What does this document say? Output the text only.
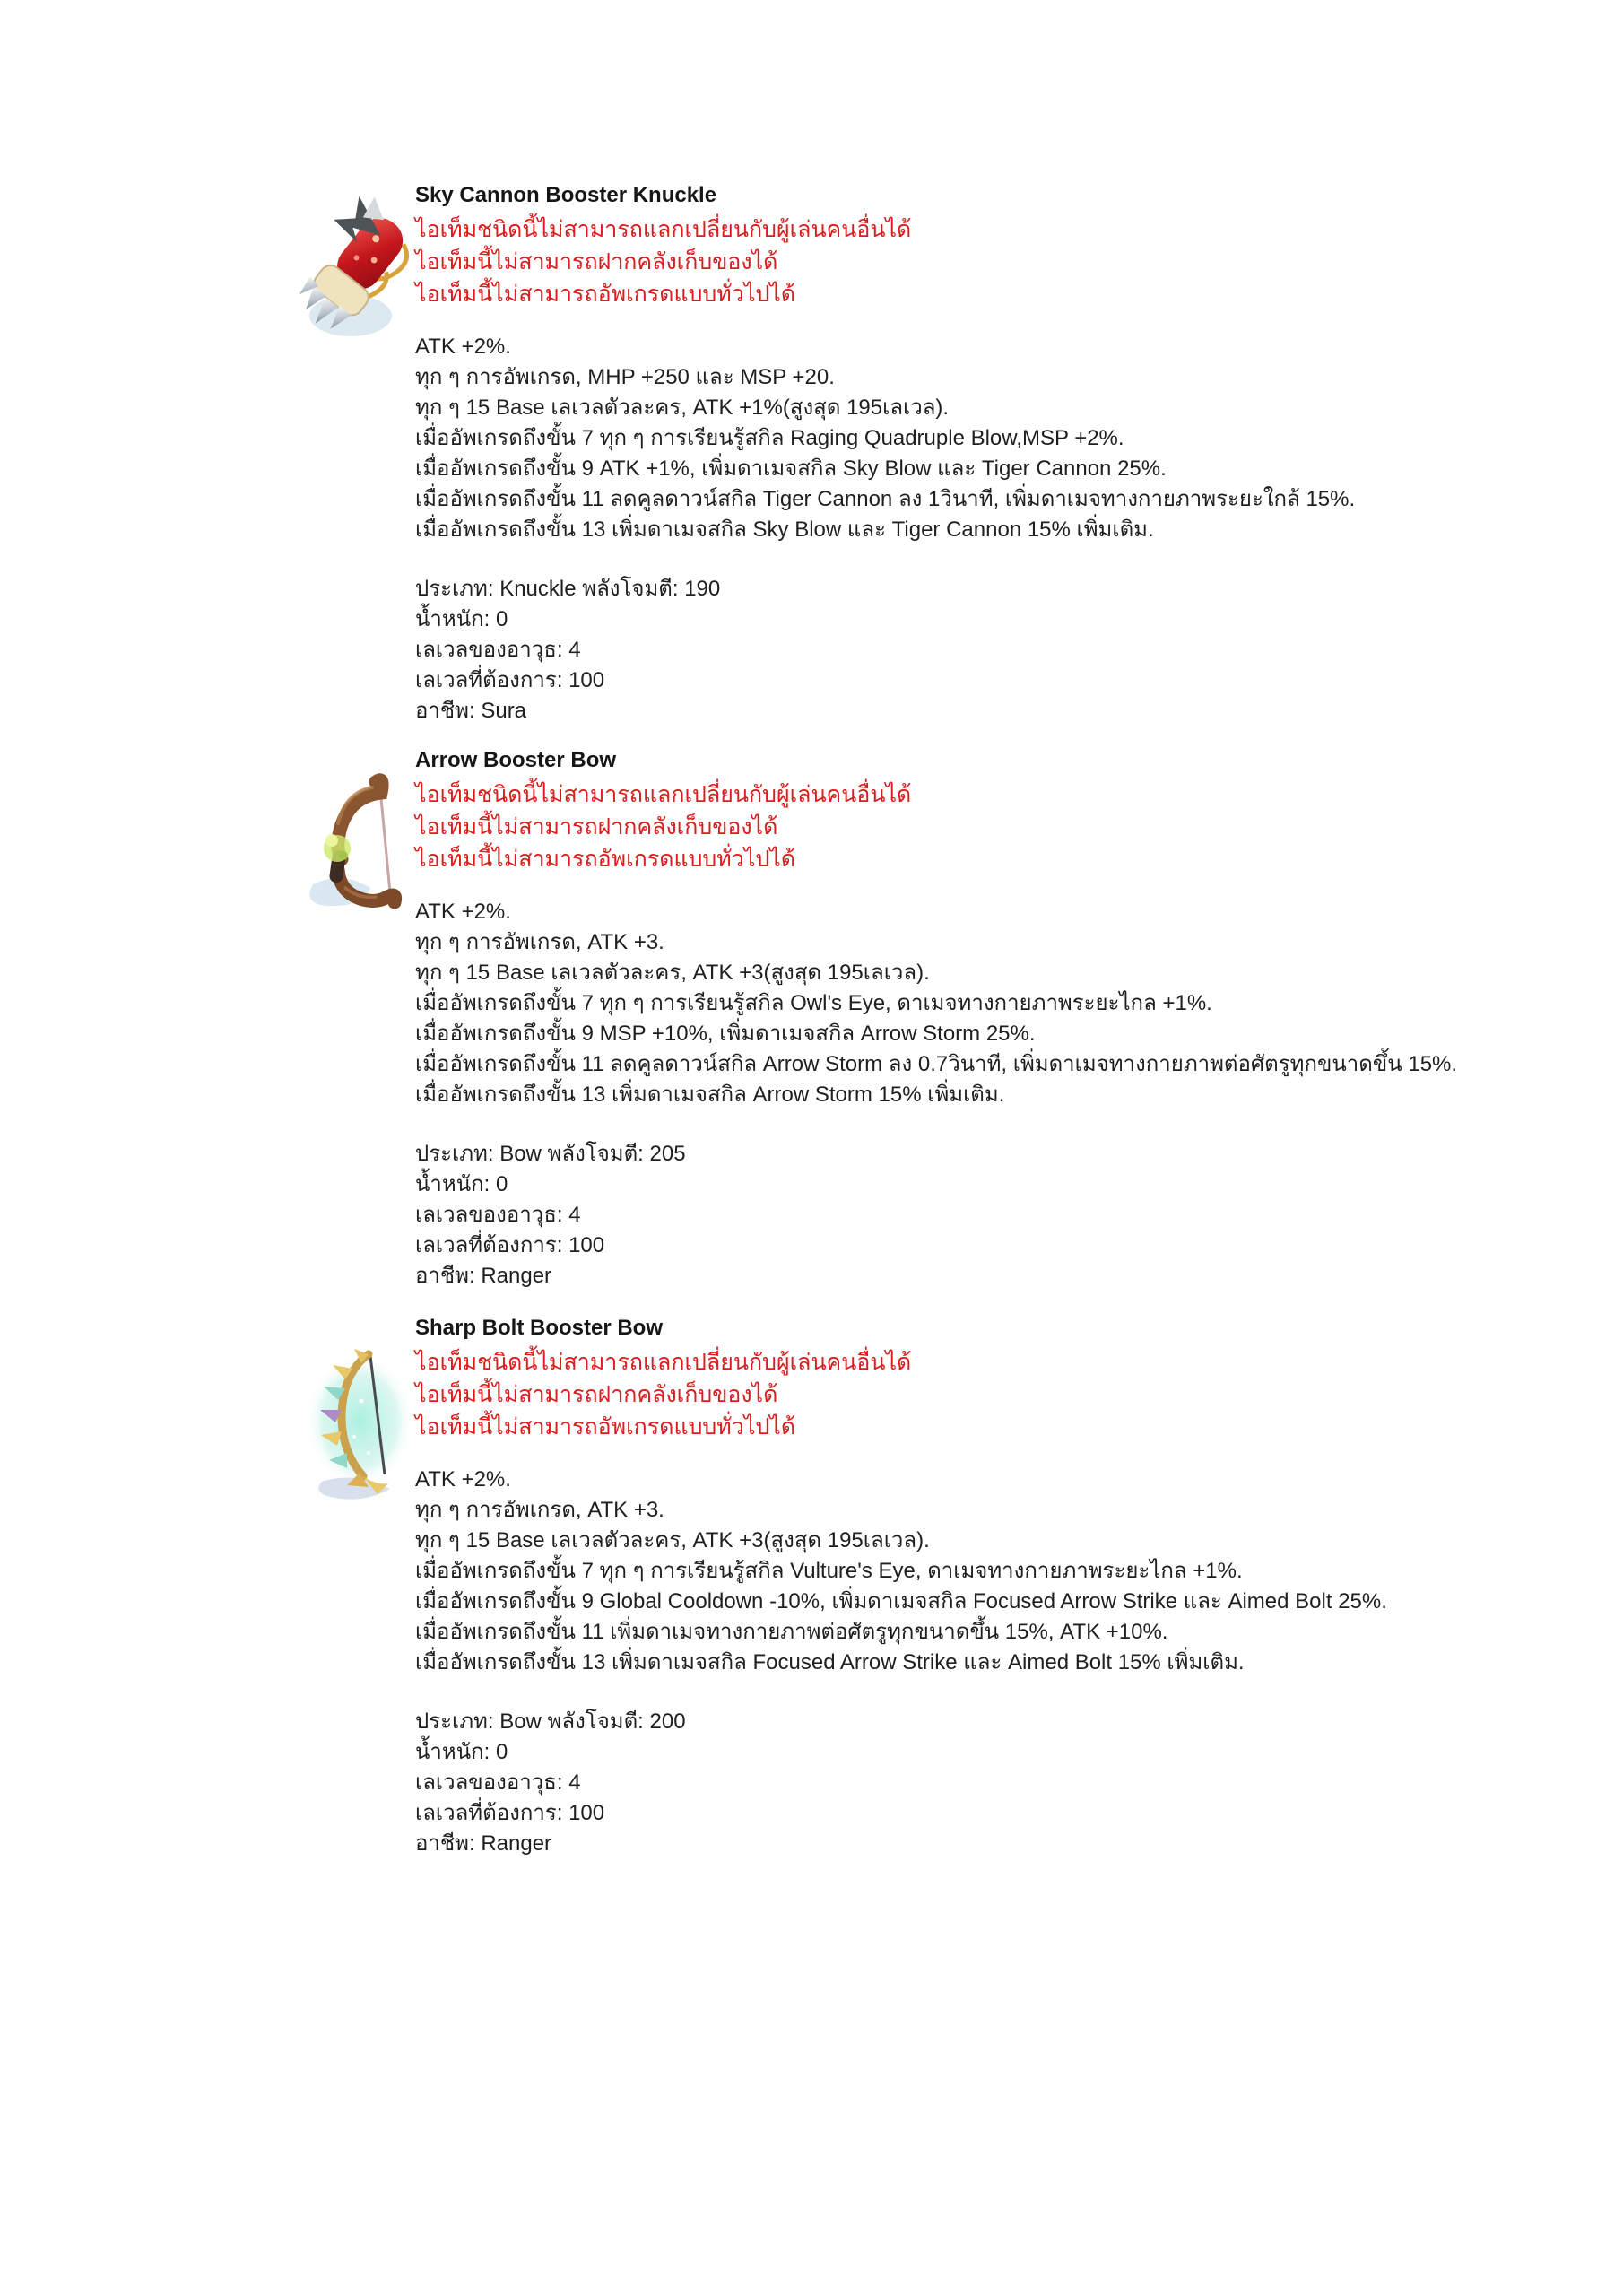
Sky Cannon Booster Knuckle

ไอเท็มชนิดนี้ไม่สามารถแลกเปลี่ยนกับผู้เล่นคนอื่นได้

ไอเท็มนี้ไม่สามารถฝากคลังเก็บของได้

ไอเท็มนี้ไม่สามารถอัพเกรดแบบทั่วไปได้

ATK +2%.

ทุก ๆ การอัพเกรด, MHP +250 และ MSP +20.

ทุก ๆ 15 Base เลเวลตัวละคร, ATK +1%(สูงสุด 195เลเวล).

เมื่ออัพเกรดถึงขั้น 7 ทุก ๆ การเรียนรู้สกิล Raging Quadruple Blow,MSP +2%.

เมื่ออัพเกรดถึงขั้น 9 ATK +1%, เพิ่มดาเมจสกิล Sky Blow และ Tiger Cannon 25%.

เมื่ออัพเกรดถึงขั้น 11 ลดคูลดาวน์สกิล Tiger Cannon ลง 1วินาที, เพิ่มดาเมจทางกายภาพระยะใกล้ 15%.

เมื่ออัพเกรดถึงขั้น 13 เพิ่มดาเมจสกิล Sky Blow และ Tiger Cannon 15% เพิ่มเติม.

ประเภท: Knuckle พลังโจมตี: 190

น้ำหนัก: 0

เลเวลของอาวุธ: 4

เลเวลที่ต้องการ: 100

อาชีพ: Sura

Arrow Booster Bow

ไอเท็มชนิดนี้ไม่สามารถแลกเปลี่ยนกับผู้เล่นคนอื่นได้

ไอเท็มนี้ไม่สามารถฝากคลังเก็บของได้

ไอเท็มนี้ไม่สามารถอัพเกรดแบบทั่วไปได้

ATK +2%.

ทุก ๆ การอัพเกรด, ATK +3.

ทุก ๆ 15 Base เลเวลตัวละคร, ATK +3(สูงสุด 195เลเวล).

เมื่ออัพเกรดถึงขั้น 7 ทุก ๆ การเรียนรู้สกิล Owl's Eye, ดาเมจทางกายภาพระยะไกล +1%.

เมื่ออัพเกรดถึงขั้น 9 MSP +10%, เพิ่มดาเมจสกิล Arrow Storm 25%.

เมื่ออัพเกรดถึงขั้น 11 ลดคูลดาวน์สกิล Arrow Storm ลง 0.7วินาที, เพิ่มดาเมจทางกายภาพต่อศัตรูทุกขนาดขึ้น 15%.

เมื่ออัพเกรดถึงขั้น 13 เพิ่มดาเมจสกิล Arrow Storm 15% เพิ่มเติม.

ประเภท: Bow พลังโจมตี: 205

น้ำหนัก: 0

เลเวลของอาวุธ: 4

เลเวลที่ต้องการ: 100

อาชีพ: Ranger

Sharp Bolt Booster Bow

ไอเท็มชนิดนี้ไม่สามารถแลกเปลี่ยนกับผู้เล่นคนอื่นได้

ไอเท็มนี้ไม่สามารถฝากคลังเก็บของได้

ไอเท็มนี้ไม่สามารถอัพเกรดแบบทั่วไปได้

ATK +2%.

ทุก ๆ การอัพเกรด, ATK +3.

ทุก ๆ 15 Base เลเวลตัวละคร, ATK +3(สูงสุด 195เลเวล).

เมื่ออัพเกรดถึงขั้น 7 ทุก ๆ การเรียนรู้สกิล Vulture's Eye, ดาเมจทางกายภาพระยะไกล +1%.

เมื่ออัพเกรดถึงขั้น 9 Global Cooldown -10%, เพิ่มดาเมจสกิล Focused Arrow Strike และ Aimed Bolt 25%.

เมื่ออัพเกรดถึงขั้น 11 เพิ่มดาเมจทางกายภาพต่อศัตรูทุกขนาดขึ้น 15%, ATK +10%.

เมื่ออัพเกรดถึงขั้น 13 เพิ่มดาเมจสกิล Focused Arrow Strike และ Aimed Bolt 15% เพิ่มเติม.

ประเภท: Bow พลังโจมตี: 200

น้ำหนัก: 0

เลเวลของอาวุธ: 4

เลเวลที่ต้องการ: 100

อาชีพ: Ranger
